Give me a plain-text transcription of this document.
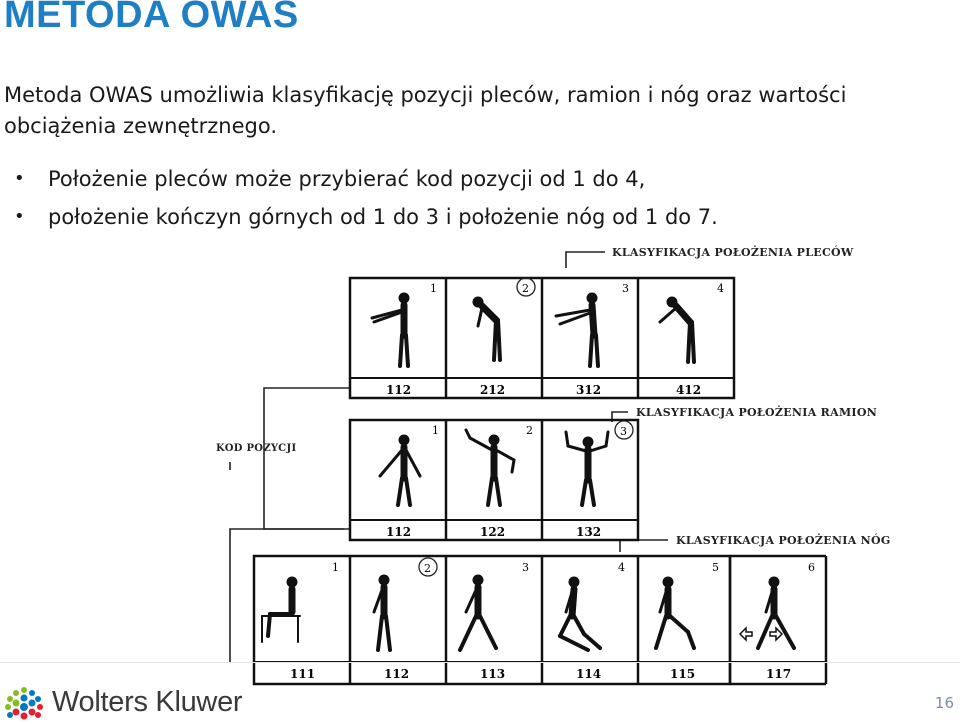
METODA OWAS
Metoda OWAS umożliwia klasyfikację pozycji pleców, ramion i nóg oraz wartości obciążenia zewnętrznego.
• Położenie pleców może przybierać kod pozycji od 1 do 4,
• położenie kończyn górnych od 1 do 3 i położenie nóg od 1 do 7.
KLASYFIKACJA POŁOŻENIA PLECÓW
KLASYFIKACJA POŁOŻENIA RAMION
KLASYFIKACJA POŁOŻENIA NÓG
KOD POZYCJI
1	2	3	4
112	212	312	412
1	2	3
112	122	132
1	2	3	4	5	6
111	112	113	114	115	117
Wolters Kluwer	16
